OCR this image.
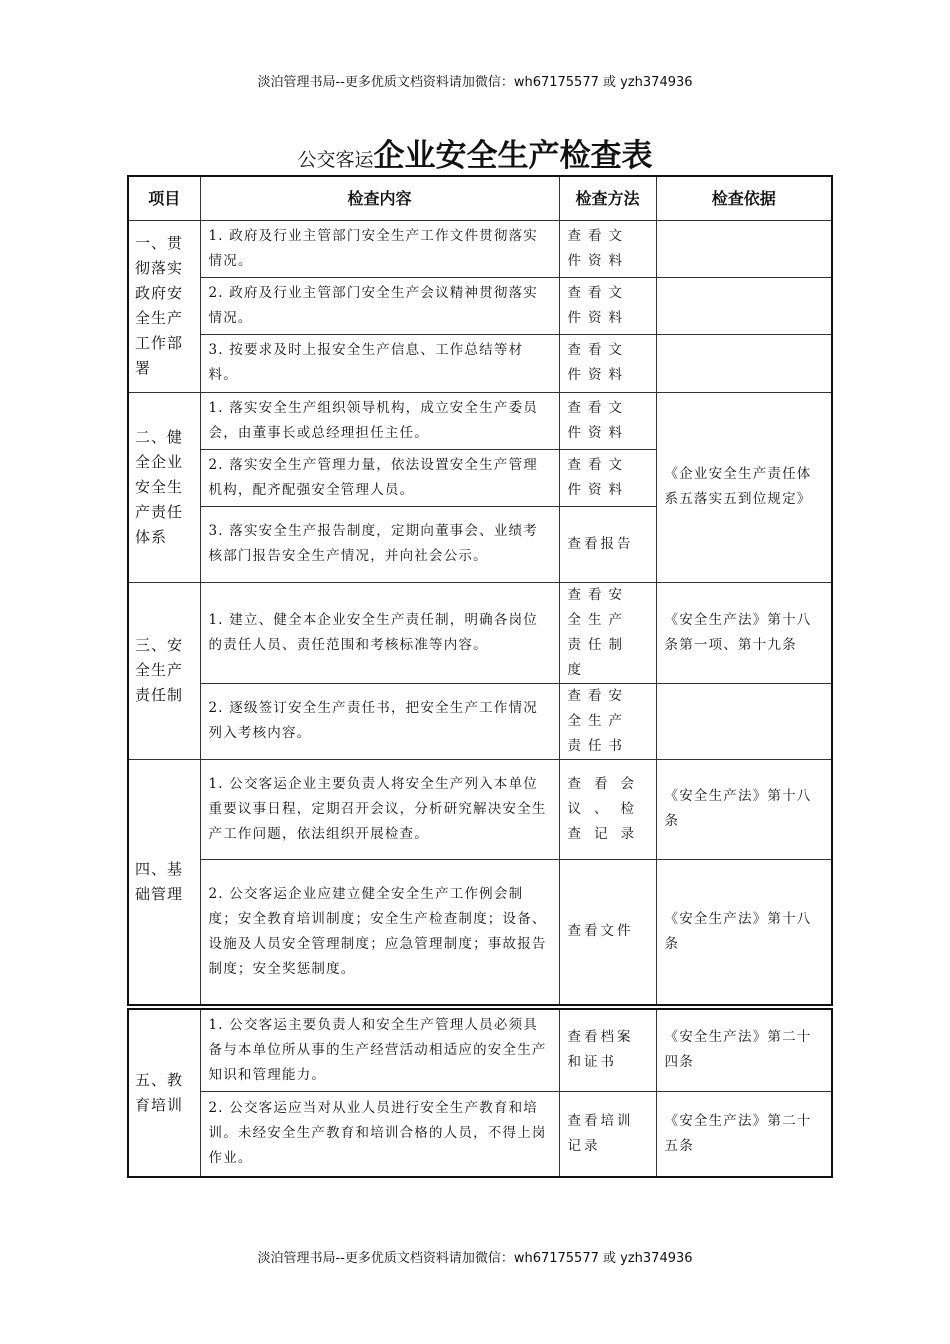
淡泊管理书局--更多优质文档资料请加微信：wh67175577 或 yzh374936
公交客运企业安全生产检查表
项目	检查内容	检查方法	检查依据
一、贯彻落实政府安全生产工作部署	1. 政府及行业主管部门安全生产工作文件贯彻落实情况。	查看文件资料	
	2. 政府及行业主管部门安全生产会议精神贯彻落实情况。	查看文件资料	
	3. 按要求及时上报安全生产信息、工作总结等材料。	查看文件资料	
二、健全企业安全生产责任体系	1. 落实安全生产组织领导机构，成立安全生产委员会，由董事长或总经理担任主任。	查看文件资料	《企业安全生产责任体系五落实五到位规定》
	2. 落实安全生产管理力量，依法设置安全生产管理机构，配齐配强安全管理人员。	查看文件资料	
	3. 落实安全生产报告制度，定期向董事会、业绩考核部门报告安全生产情况，并向社会公示。	查看报告	
三、安全生产责任制	1. 建立、健全本企业安全生产责任制，明确各岗位的责任人员、责任范围和考核标准等内容。	查看安全生产责任制度	《安全生产法》第十八条第一项、第十九条
	2. 逐级签订安全生产责任书，把安全生产工作情况列入考核内容。	查看安全生产责任书	
四、基础管理	1. 公交客运企业主要负责人将安全生产列入本单位重要议事日程，定期召开会议，分析研究解决安全生产工作问题，依法组织开展检查。	查看会议、检查记录	《安全生产法》第十八条
	2. 公交客运企业应建立健全安全生产工作例会制度；安全教育培训制度；安全生产检查制度；设备、设施及人员安全管理制度；应急管理制度；事故报告制度；安全奖惩制度。	查看文件	《安全生产法》第十八条
五、教育培训	1. 公交客运主要负责人和安全生产管理人员必须具备与本单位所从事的生产经营活动相适应的安全生产知识和管理能力。	查看档案和证书	《安全生产法》第二十四条
	2. 公交客运应当对从业人员进行安全生产教育和培训。未经安全生产教育和培训合格的人员，不得上岗作业。	查看培训记录	《安全生产法》第二十五条
淡泊管理书局--更多优质文档资料请加微信：wh67175577 或 yzh374936
